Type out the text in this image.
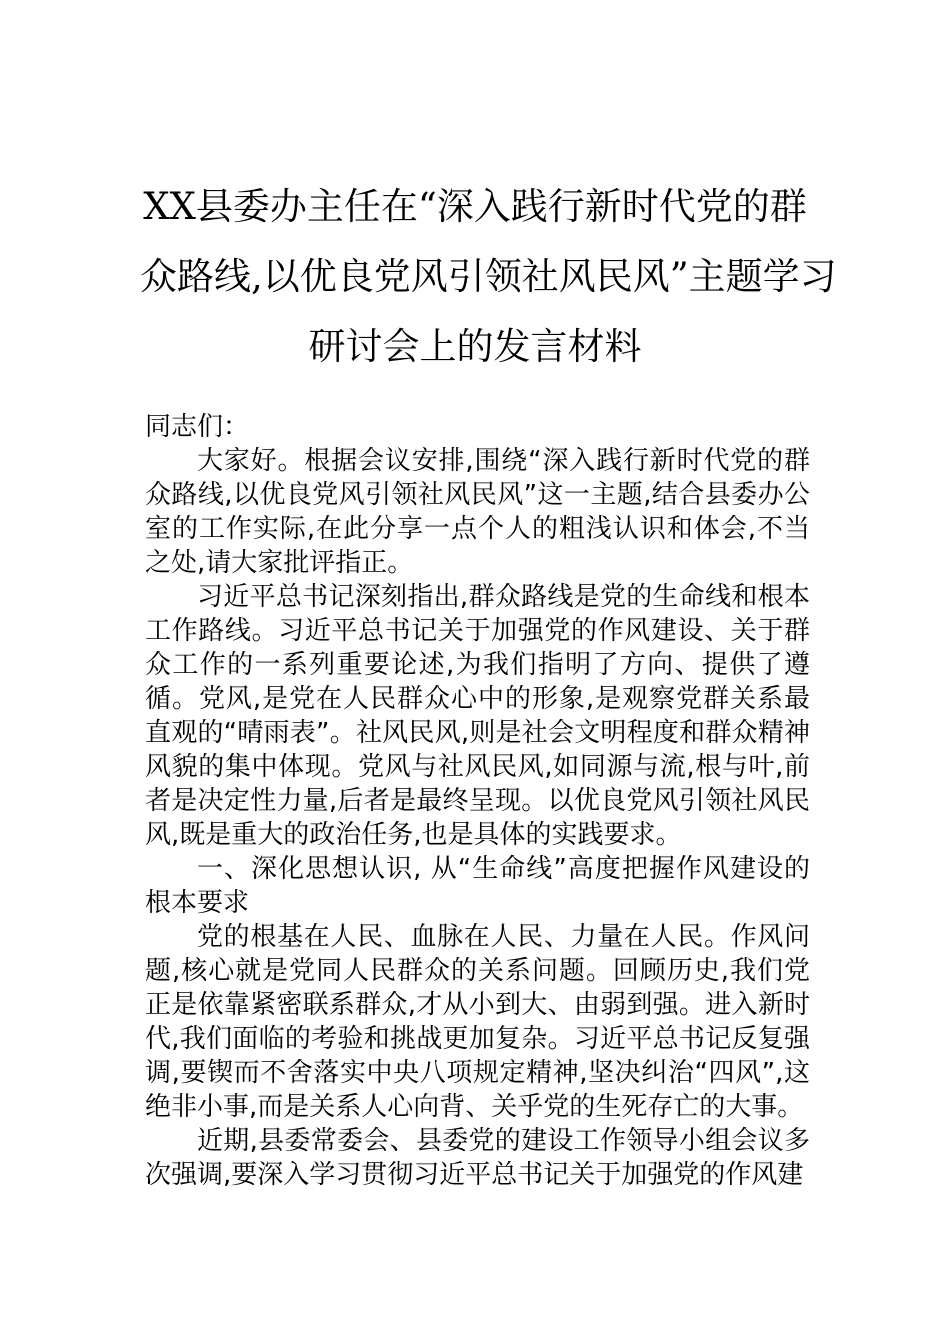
XX县委办主任在“深入践行新时代党的群
众路线,以优良党风引领社风民风”主题学习
研讨会上的发言材料

同志们：

大家好。根据会议安排,围绕“深入践行新时代党的群众路线,以优良党风引领社风民风”这一主题,结合县委办公室的工作实际,在此分享一点个人的粗浅认识和体会,不当之处,请大家批评指正。

习近平总书记深刻指出,群众路线是党的生命线和根本工作路线。习近平总书记关于加强党的作风建设、关于群众工作的一系列重要论述,为我们指明了方向、提供了遵循。党风,是党在人民群众心中的形象,是观察党群关系最直观的“晴雨表”。社风民风,则是社会文明程度和群众精神风貌的集中体现。党风与社风民风,如同源与流,根与叶,前者是决定性力量,后者是最终呈现。以优良党风引领社风民风,既是重大的政治任务,也是具体的实践要求。

一、深化思想认识, 从“生命线”高度把握作风建设的根本要求

党的根基在人民、血脉在人民、力量在人民。作风问题,核心就是党同人民群众的关系问题。回顾历史,我们党正是依靠紧密联系群众,才从小到大、由弱到强。进入新时代,我们面临的考验和挑战更加复杂。习近平总书记反复强调,要锲而不舍落实中央八项规定精神,坚决纠治“四风”,这绝非小事,而是关系人心向背、关乎党的生死存亡的大事。

近期,县委常委会、县委党的建设工作领导小组会议多次强调,要深入学习贯彻习近平总书记关于加强党的作风建
